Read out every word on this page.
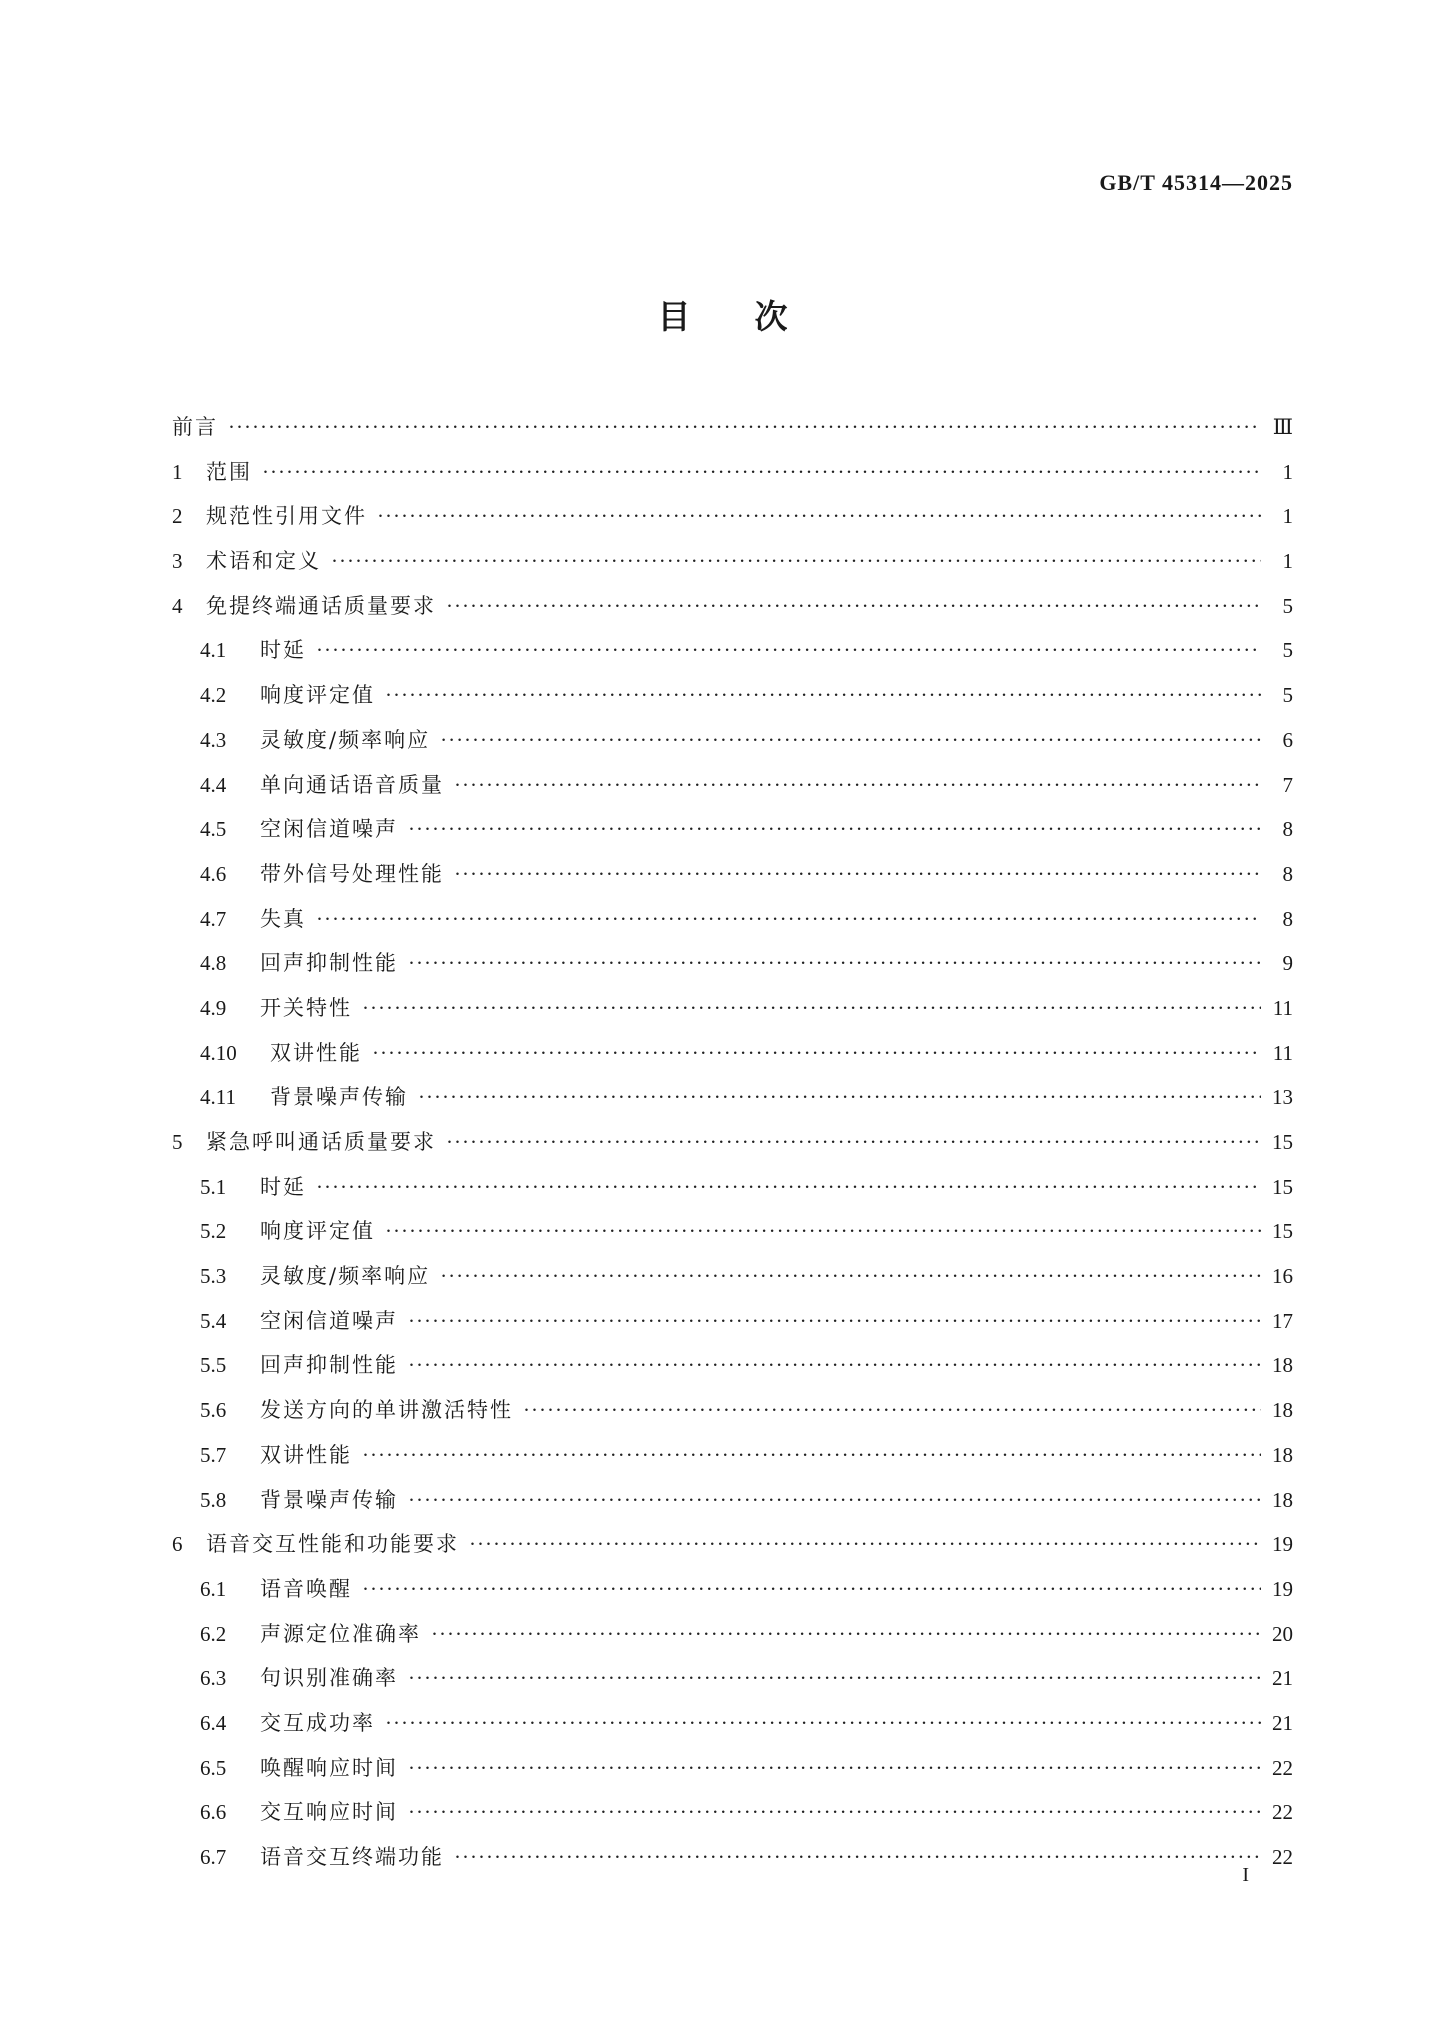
GB/T 45314—2025
目次
前言 ·····	Ⅲ
1	范围 ·····	1
2	规范性引用文件 ·····	1
3	术语和定义 ·····	1
4	免提终端通话质量要求 ·····	5
4.1	时延 ·····	5
4.2	响度评定值 ·····	5
4.3	灵敏度/频率响应 ·····	6
4.4	单向通话语音质量 ·····	7
4.5	空闲信道噪声 ·····	8
4.6	带外信号处理性能 ·····	8
4.7	失真 ·····	8
4.8	回声抑制性能 ·····	9
4.9	开关特性 ·····	11
4.10	双讲性能 ·····	11
4.11	背景噪声传输 ·····	13
5	紧急呼叫通话质量要求 ·····	15
5.1	时延 ·····	15
5.2	响度评定值 ·····	15
5.3	灵敏度/频率响应 ·····	16
5.4	空闲信道噪声 ·····	17
5.5	回声抑制性能 ·····	18
5.6	发送方向的单讲激活特性 ·····	18
5.7	双讲性能 ·····	18
5.8	背景噪声传输 ·····	18
6	语音交互性能和功能要求 ·····	19
6.1	语音唤醒 ·····	19
6.2	声源定位准确率 ·····	20
6.3	句识别准确率 ·····	21
6.4	交互成功率 ·····	21
6.5	唤醒响应时间 ·····	22
6.6	交互响应时间 ·····	22
6.7	语音交互终端功能 ·····	22
I
